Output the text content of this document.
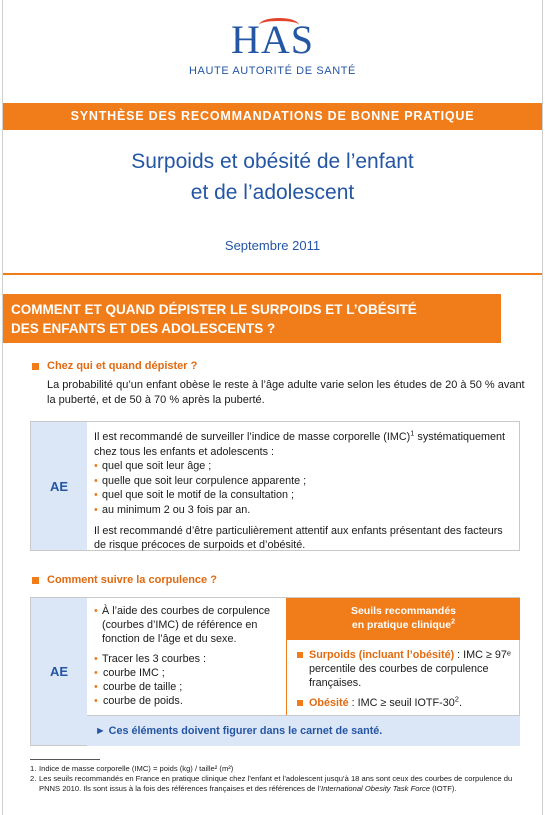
HAS
HAUTE AUTORITÉ DE SANTÉ
SYNTHÈSE DES RECOMMANDATIONS DE BONNE PRATIQUE
Surpoids et obésité de l’enfant
et de l’adolescent
Septembre 2011
COMMENT ET QUAND DÉPISTER LE SURPOIDS ET L’OBÉSITÉ
DES ENFANTS ET DES ADOLESCENTS ?
Chez qui et quand dépister ?
La probabilité qu’un enfant obèse le reste à l’âge adulte varie selon les études de 20 à 50 % avant la puberté, et de 50 à 70 % après la puberté.
AE

Il est recommandé de surveiller l’indice de masse corporelle (IMC)$^1$ systématiquement chez tous les enfants et adolescents :

• quel que soit leur âge ;
• quelle que soit leur corpulence apparente ;
• quel que soit le motif de la consultation ;
• au minimum 2 ou 3 fois par an.

Il est recommandé d’être particulièrement attentif aux enfants présentant des facteurs de risque précoces de surpoids et d’obésité.

Comment suivre la corpulence ?
AE
• À l’aide des courbes de corpulence (courbes d’IMC) de référence en fonction de l’âge et du sexe.
• Tracer les 3 courbes :
• courbe IMC ;
• courbe de taille ;
• courbe de poids.
Seuils recommandés
en pratique clinique$^2$
Surpoids (incluant l’obésité) : IMC ≥ 97ᵉ percentile des courbes de corpulence françaises.
Obésité : IMC ≥ seuil IOTF-$30^2$.
► Ces éléments doivent figurer dans le carnet de santé.
1. Indice de masse corporelle (IMC) = poids (kg) / taille² (m²)
2. Les seuils recommandés en France en pratique clinique chez l’enfant et l’adolescent jusqu’à 18 ans sont ceux des courbes de corpulence du PNNS 2010. Ils sont issus à la fois des références françaises et des références de l’International Obesity Task Force (IOTF).
